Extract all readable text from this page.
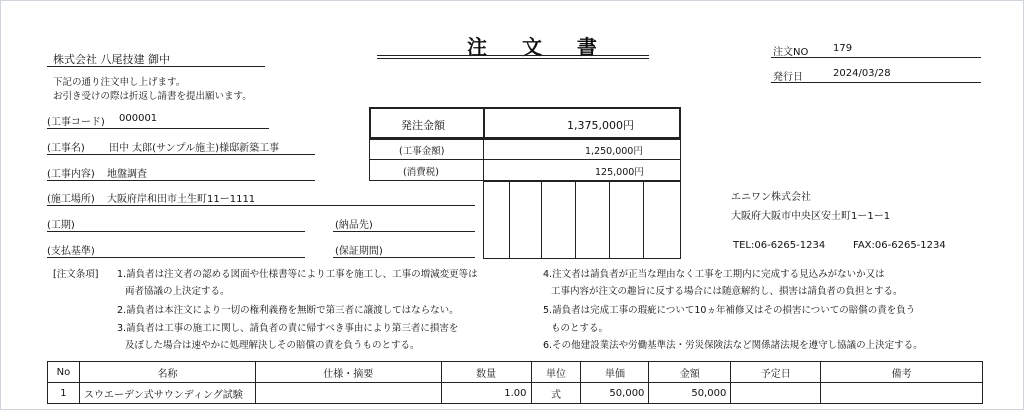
注 文 書
株式会社 八尾技建 御中
下記の通り注文申し上げます。
お引き受けの際は折返し請書を提出願います。
注文NO 179
発行日	2024/03/28
(工事コード) 000001
(工事名) 田中 太郎(サンプル施主)様邸新築工事
(工事内容) 地盤調査
(施工場所) 大阪府岸和田市土生町11ー1111
(工期)	(納品先)
(支払基準)	(保証期間)
発注金額	1,375,000円
(工事金額)	1,250,000円
(消費税)	125,000円
エニワン株式会社
大阪府大阪市中央区安土町1ー1ー1
TEL:06-6265-1234	FAX:06-6265-1234
[注文条項] 1.請負者は注文者の認める図面や仕様書等により工事を施工し、工事の増減変更等は
両者協議の上決定する。
2.請負者は本注文により一切の権利義務を無断で第三者に譲渡してはならない。
3.請負者は工事の施工に関し、請負者の責に帰すべき事由により第三者に損害を
及ぼした場合は速やかに処理解決しその賠償の責を負うものとする。
4.注文者は請負者が正当な理由なく工事を工期内に完成する見込みがないか又は
工事内容が注文の趣旨に反する場合には随意解約し、損害は請負者の負担とする。
5.請負者は完成工事の瑕疵について10ヵ年補修又はその損害についての賠償の責を負う
ものとする。
6.その他建設業法や労働基準法・労災保険法など関係諸法規を遵守し協議の上決定する。
No	名称	仕様・摘要	数量	単位	単価	金額	予定日	備考
1	スウエーデン式サウンディング試験		1.00	式	50,000	50,000		
